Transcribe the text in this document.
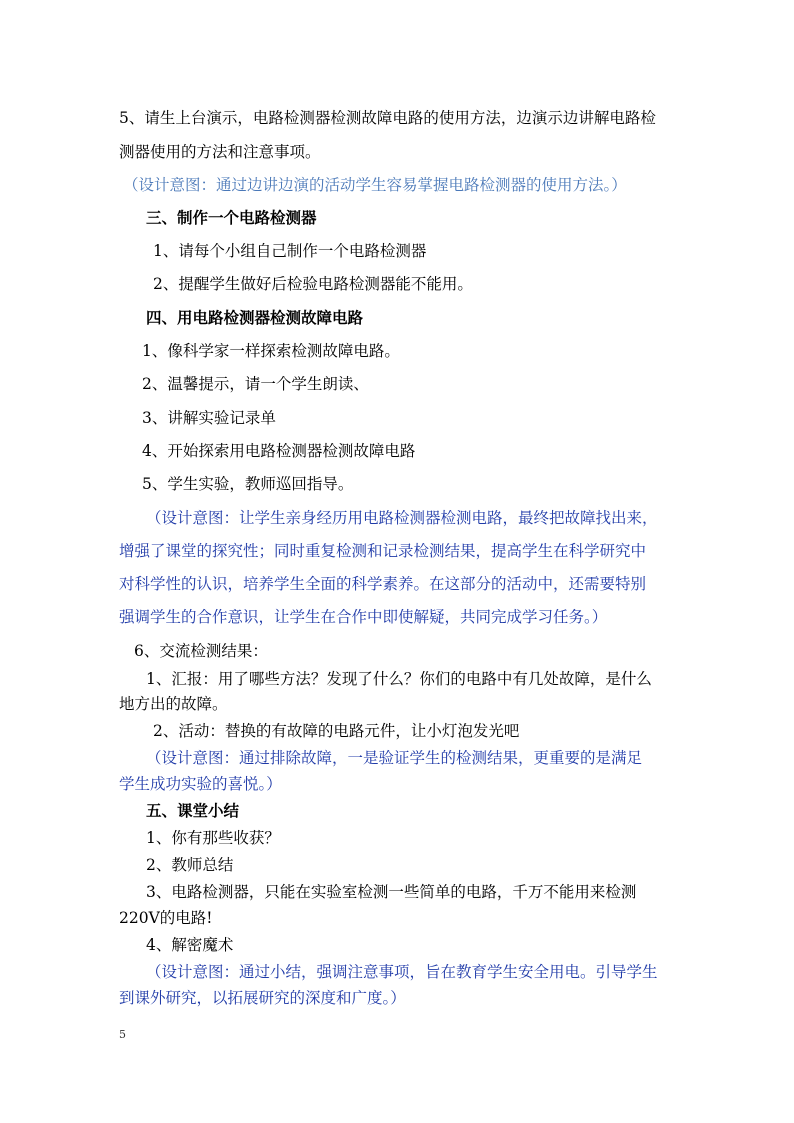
5、请生上台演示，电路检测器检测故障电路的使用方法，边演示边讲解电路检
测器使用的方法和注意事项。
（设计意图：通过边讲边演的活动学生容易掌握电路检测器的使用方法。）
三、制作一个电路检测器
1、请每个小组自己制作一个电路检测器
2、提醒学生做好后检验电路检测器能不能用。
四、用电路检测器检测故障电路
1、像科学家一样探索检测故障电路。
2、温馨提示，请一个学生朗读、
3、讲解实验记录单
4、开始探索用电路检测器检测故障电路
5、学生实验，教师巡回指导。
（设计意图：让学生亲身经历用电路检测器检测电路，最终把故障找出来，
增强了课堂的探究性；同时重复检测和记录检测结果，提高学生在科学研究中
对科学性的认识，培养学生全面的科学素养。在这部分的活动中，还需要特别
强调学生的合作意识，让学生在合作中即使解疑，共同完成学习任务。）
6、交流检测结果：
1、汇报：用了哪些方法？发现了什么？你们的电路中有几处故障，是什么
地方出的故障。
2、活动：替换的有故障的电路元件，让小灯泡发光吧
（设计意图：通过排除故障，一是验证学生的检测结果，更重要的是满足
学生成功实验的喜悦。）
五、课堂小结
1、你有那些收获？
2、教师总结
3、电路检测器，只能在实验室检测一些简单的电路，千万不能用来检测
220V的电路!
4、解密魔术
（设计意图：通过小结，强调注意事项，旨在教育学生安全用电。引导学生
到课外研究，以拓展研究的深度和广度。）
5
